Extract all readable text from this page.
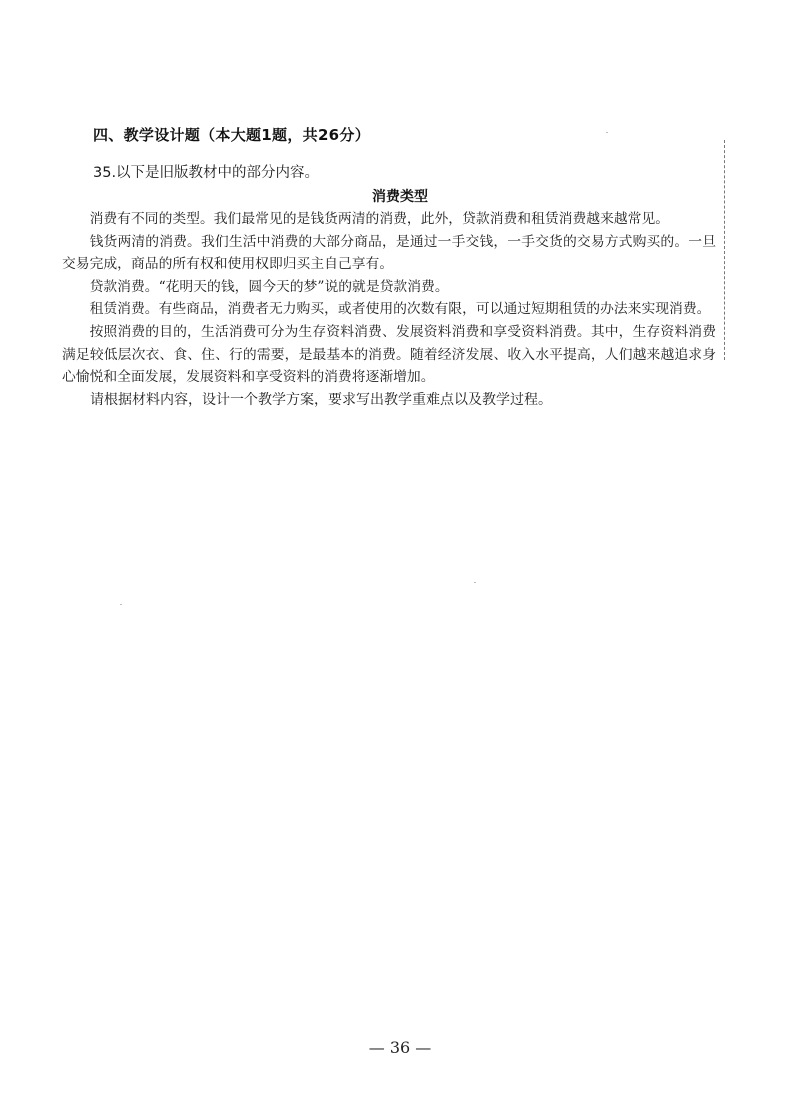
四、教学设计题（本大题1题，共26分）
35.以下是旧版教材中的部分内容。
消费类型

消费有不同的类型。我们最常见的是钱货两清的消费，此外，贷款消费和租赁消费越来越常见。

钱货两清的消费。我们生活中消费的大部分商品，是通过一手交钱，一手交货的交易方式购买的。一旦交易完成，商品的所有权和使用权即归买主自己享有。

贷款消费。“花明天的钱，圆今天的梦”说的就是贷款消费。

租赁消费。有些商品，消费者无力购买，或者使用的次数有限，可以通过短期租赁的办法来实现消费。

按照消费的目的，生活消费可分为生存资料消费、发展资料消费和享受资料消费。其中，生存资料消费满足较低层次衣、食、住、行的需要，是最基本的消费。随着经济发展、收入水平提高，人们越来越追求身心愉悦和全面发展，发展资料和享受资料的消费将逐渐增加。

请根据材料内容，设计一个教学方案，要求写出教学重难点以及教学过程。

— 36 —
